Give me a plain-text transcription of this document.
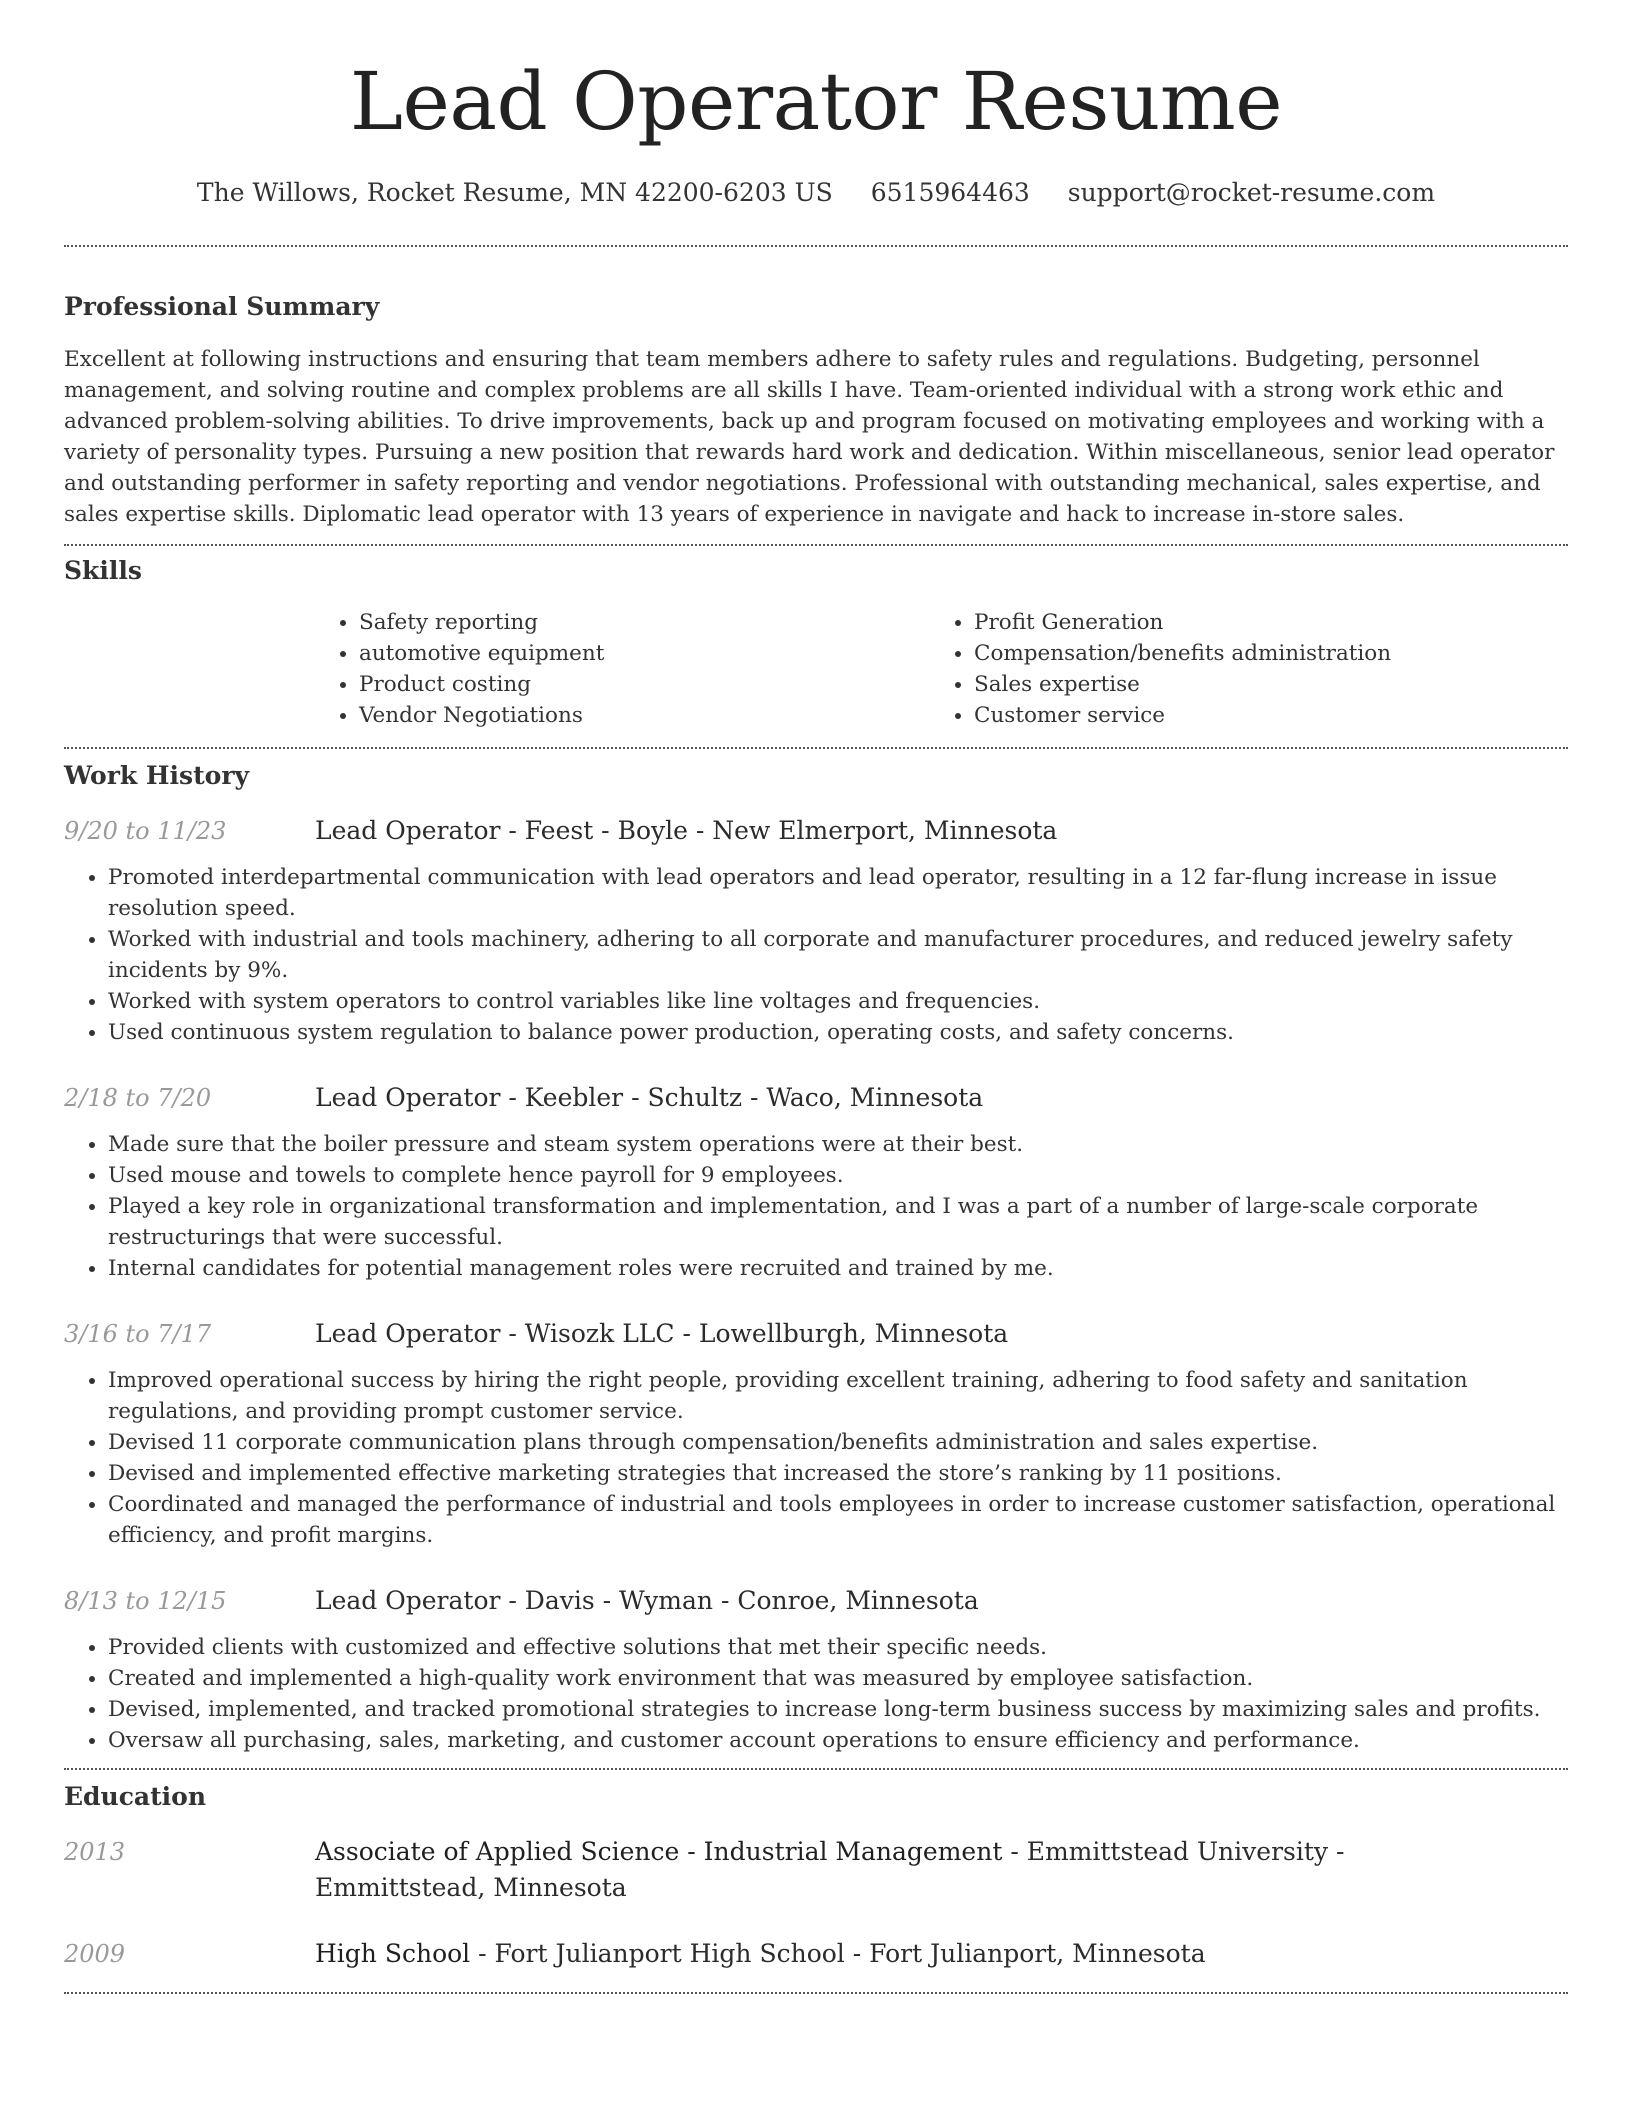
Lead Operator Resume
The Willows, Rocket Resume, MN 42200-6203 US 6515964463 support@rocket-resume.com
Professional Summary

Excellent at following instructions and ensuring that team members adhere to safety rules and regulations. Budgeting, personnel management, and solving routine and complex problems are all skills I have. Team-oriented individual with a strong work ethic and advanced problem-solving abilities. To drive improvements, back up and program focused on motivating employees and working with a variety of personality types. Pursuing a new position that rewards hard work and dedication. Within miscellaneous, senior lead operator and outstanding performer in safety reporting and vendor negotiations. Professional with outstanding mechanical, sales expertise, and sales expertise skills. Diplomatic lead operator with 13 years of experience in navigate and hack to increase in-store sales.

Skills
• Safety reporting
• automotive equipment
• Product costing
• Vendor Negotiations
• Profit Generation
• Compensation/benefits administration
• Sales expertise
• Customer service
Work History
9/20 to 11/23	Lead Operator - Feest - Boyle - New Elmerport, Minnesota
• Promoted interdepartmental communication with lead operators and lead operator, resulting in a 12 far-flung increase in issue resolution speed.
• Worked with industrial and tools machinery, adhering to all corporate and manufacturer procedures, and reduced jewelry safety incidents by 9%.
• Worked with system operators to control variables like line voltages and frequencies.
• Used continuous system regulation to balance power production, operating costs, and safety concerns.
2/18 to 7/20	Lead Operator - Keebler - Schultz - Waco, Minnesota
• Made sure that the boiler pressure and steam system operations were at their best.
• Used mouse and towels to complete hence payroll for 9 employees.
• Played a key role in organizational transformation and implementation, and I was a part of a number of large-scale corporate restructurings that were successful.
• Internal candidates for potential management roles were recruited and trained by me.
3/16 to 7/17	Lead Operator - Wisozk LLC - Lowellburgh, Minnesota
• Improved operational success by hiring the right people, providing excellent training, adhering to food safety and sanitation regulations, and providing prompt customer service.
• Devised 11 corporate communication plans through compensation/benefits administration and sales expertise.
• Devised and implemented effective marketing strategies that increased the store’s ranking by 11 positions.
• Coordinated and managed the performance of industrial and tools employees in order to increase customer satisfaction, operational efficiency, and profit margins.
8/13 to 12/15	Lead Operator - Davis - Wyman - Conroe, Minnesota
• Provided clients with customized and effective solutions that met their specific needs.
• Created and implemented a high-quality work environment that was measured by employee satisfaction.
• Devised, implemented, and tracked promotional strategies to increase long-term business success by maximizing sales and profits.
• Oversaw all purchasing, sales, marketing, and customer account operations to ensure efficiency and performance.
Education
2013	Associate of Applied Science - Industrial Management - Emmittstead University - Emmittstead, Minnesota
2009	High School - Fort Julianport High School - Fort Julianport, Minnesota
